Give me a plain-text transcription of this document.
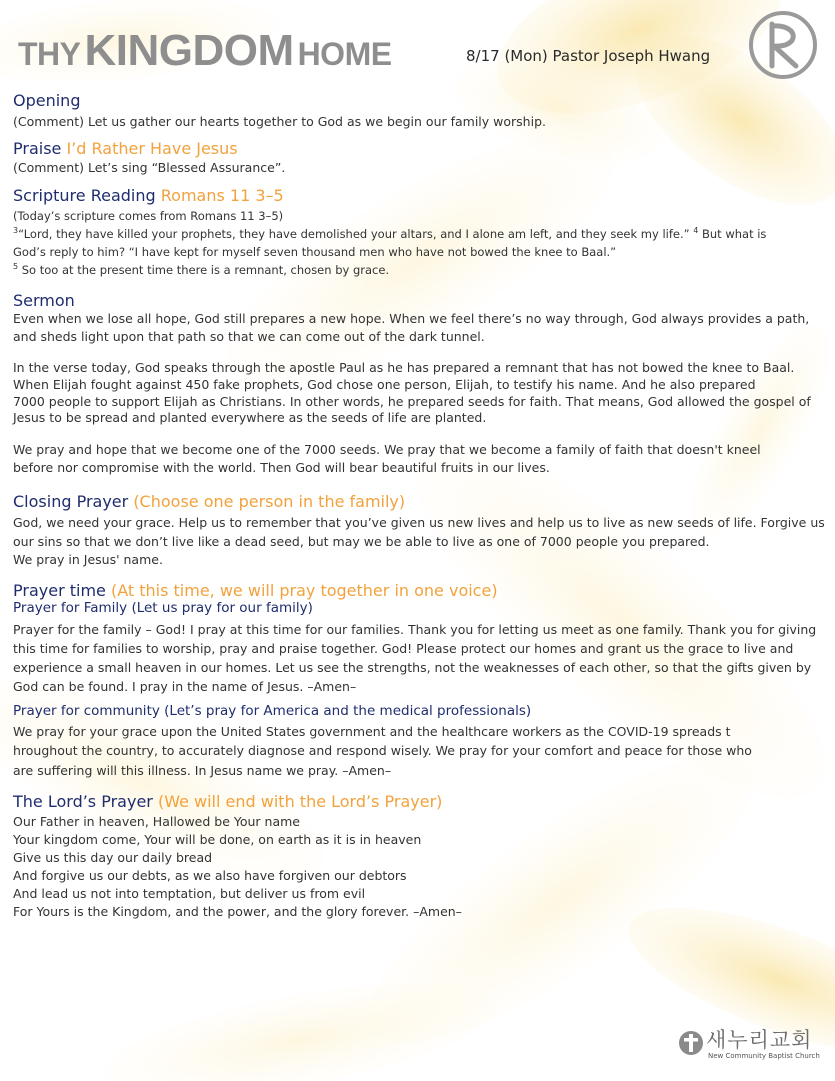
THY KINGDOM HOME	8/17 (Mon) Pastor Joseph Hwang
Opening
(Comment) Let us gather our hearts together to God as we begin our family worship.
Praise I’d Rather Have Jesus
(Comment) Let’s sing “Blessed Assurance”.
Scripture Reading Romans 11 3–5
(Today’s scripture comes from Romans 11 3–5)
$^3$“Lord, they have killed your prophets, they have demolished your altars, and I alone am left, and they seek my life.” $^4$ But what is
God’s reply to him? “I have kept for myself seven thousand men who have not bowed the knee to Baal.”
$^5$ So too at the present time there is a remnant, chosen by grace.
Sermon
Even when we lose all hope, God still prepares a new hope. When we feel there’s no way through, God always provides a path,
and sheds light upon that path so that we can come out of the dark tunnel.
In the verse today, God speaks through the apostle Paul as he has prepared a remnant that has not bowed the knee to Baal.
When Elijah fought against 450 fake prophets, God chose one person, Elijah, to testify his name. And he also prepared
7000 people to support Elijah as Christians. In other words, he prepared seeds for faith. That means, God allowed the gospel of
Jesus to be spread and planted everywhere as the seeds of life are planted.
We pray and hope that we become one of the 7000 seeds. We pray that we become a family of faith that doesn't kneel
before nor compromise with the world. Then God will bear beautiful fruits in our lives.
Closing Prayer (Choose one person in the family)
God, we need your grace. Help us to remember that you’ve given us new lives and help us to live as new seeds of life. Forgive us
our sins so that we don’t live like a dead seed, but may we be able to live as one of 7000 people you prepared.
We pray in Jesus' name.
Prayer time (At this time, we will pray together in one voice)
Prayer for Family (Let us pray for our family)
Prayer for the family – God! I pray at this time for our families. Thank you for letting us meet as one family. Thank you for giving
this time for families to worship, pray and praise together. God! Please protect our homes and grant us the grace to live and
experience a small heaven in our homes. Let us see the strengths, not the weaknesses of each other, so that the gifts given by
God can be found. I pray in the name of Jesus. –Amen–
Prayer for community (Let’s pray for America and the medical professionals)
We pray for your grace upon the United States government and the healthcare workers as the COVID-19 spreads t
hroughout the country, to accurately diagnose and respond wisely. We pray for your comfort and peace for those who
are suffering will this illness. In Jesus name we pray. –Amen–
The Lord’s Prayer (We will end with the Lord’s Prayer)
Our Father in heaven, Hallowed be Your name
Your kingdom come, Your will be done, on earth as it is in heaven
Give us this day our daily bread
And forgive us our debts, as we also have forgiven our debtors
And lead us not into temptation, but deliver us from evil
For Yours is the Kingdom, and the power, and the glory forever. –Amen–
새누리교회
New Community Baptist Church
